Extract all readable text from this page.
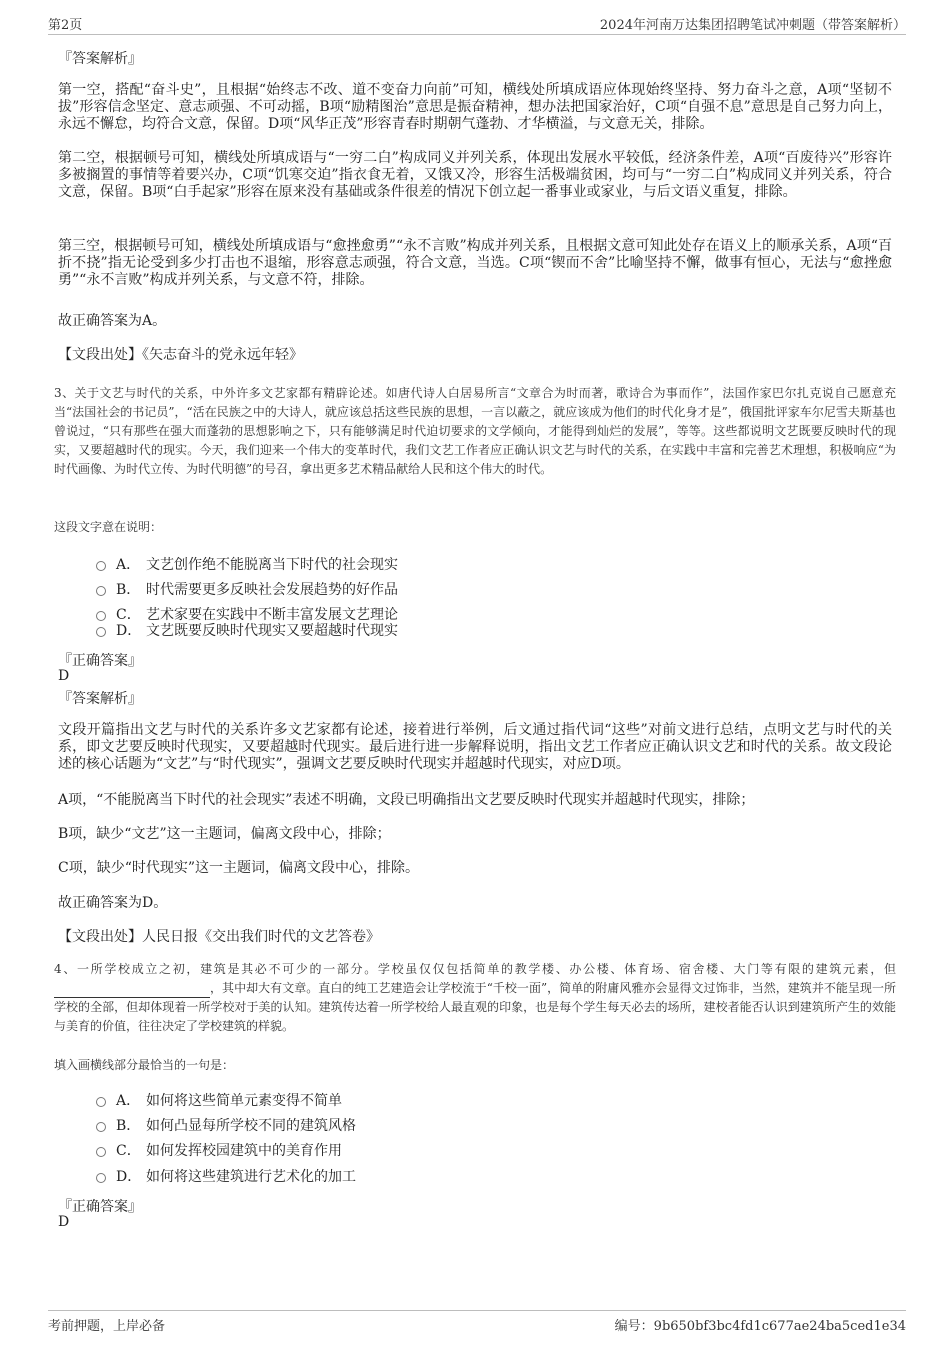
第2页	2024年河南万达集团招聘笔试冲刺题（带答案解析）
『答案解析』

第一空，搭配“奋斗史”，且根据“始终志不改、道不变奋力向前”可知，横线处所填成语应体现始终坚持、努力奋斗之意，A项“坚韧不拔”形容信念坚定、意志顽强、不可动摇，B项“励精图治”意思是振奋精神，想办法把国家治好，C项“自强不息”意思是自己努力向上，永远不懈怠，均符合文意，保留。D项“风华正茂”形容青春时期朝气蓬勃、才华横溢，与文意无关，排除。

第二空，根据顿号可知，横线处所填成语与“一穷二白”构成同义并列关系，体现出发展水平较低，经济条件差，A项“百废待兴”形容许多被搁置的事情等着要兴办，C项“饥寒交迫”指衣食无着，又饿又冷，形容生活极端贫困，均可与“一穷二白”构成同义并列关系，符合文意，保留。B项“白手起家”形容在原来没有基础或条件很差的情况下创立起一番事业或家业，与后文语义重复，排除。

第三空，根据顿号可知，横线处所填成语与“愈挫愈勇”“永不言败”构成并列关系，且根据文意可知此处存在语义上的顺承关系，A项“百折不挠”指无论受到多少打击也不退缩，形容意志顽强，符合文意，当选。C项“锲而不舍”比喻坚持不懈，做事有恒心，无法与“愈挫愈勇”“永不言败”构成并列关系，与文意不符，排除。

故正确答案为A。
【文段出处】《矢志奋斗的党永远年轻》

3、关于文艺与时代的关系，中外许多文艺家都有精辟论述。如唐代诗人白居易所言“文章合为时而著，歌诗合为事而作”，法国作家巴尔扎克说自己愿意充当“法国社会的书记员”，“活在民族之中的大诗人，就应该总括这些民族的思想，一言以蔽之，就应该成为他们的时代化身才是”，俄国批评家车尔尼雪夫斯基也曾说过，“只有那些在强大而蓬勃的思想影响之下，只有能够满足时代迫切要求的文学倾向，才能得到灿烂的发展”，等等。这些都说明文艺既要反映时代的现实，又要超越时代的现实。今天，我们迎来一个伟大的变革时代，我们文艺工作者应正确认识文艺与时代的关系，在实践中丰富和完善艺术理想，积极响应“为时代画像、为时代立传、为时代明德”的号召，拿出更多艺术精品献给人民和这个伟大的时代。

这段文字意在说明：
A． 文艺创作绝不能脱离当下时代的社会现实
B． 时代需要更多反映社会发展趋势的好作品
C． 艺术家要在实践中不断丰富发展文艺理论
D． 文艺既要反映时代现实又要超越时代现实
『正确答案』
D
『答案解析』

文段开篇指出文艺与时代的关系许多文艺家都有论述，接着进行举例，后文通过指代词“这些”对前文进行总结，点明文艺与时代的关系，即文艺要反映时代现实，又要超越时代现实。最后进行进一步解释说明，指出文艺工作者应正确认识文艺和时代的关系。故文段论述的核心话题为“文艺”与“时代现实”，强调文艺要反映时代现实并超越时代现实，对应D项。

A项，“不能脱离当下时代的社会现实”表述不明确，文段已明确指出文艺要反映时代现实并超越时代现实，排除；

B项，缺少“文艺”这一主题词，偏离文段中心，排除；

C项，缺少“时代现实”这一主题词，偏离文段中心，排除。

故正确答案为D。
【文段出处】人民日报《交出我们时代的文艺答卷》

4、一所学校成立之初，建筑是其必不可少的一部分。学校虽仅仅包括简单的教学楼、办公楼、体育场、宿舍楼、大门等有限的建筑元素，但，其中却大有文章。直白的纯工艺建造会让学校流于“千校一面”，简单的附庸风雅亦会显得文过饰非，当然，建筑并不能呈现一所学校的全部，但却体现着一所学校对于美的认知。建筑传达着一所学校给人最直观的印象，也是每个学生每天必去的场所，建校者能否认识到建筑所产生的效能与美育的价值，往往决定了学校建筑的样貌。

填入画横线部分最恰当的一句是：
A． 如何将这些简单元素变得不简单
B． 如何凸显每所学校不同的建筑风格
C． 如何发挥校园建筑中的美育作用
D． 如何将这些建筑进行艺术化的加工
『正确答案』
D
考前押题，上岸必备	编号：9b650bf3bc4fd1c677ae24ba5ced1e34
